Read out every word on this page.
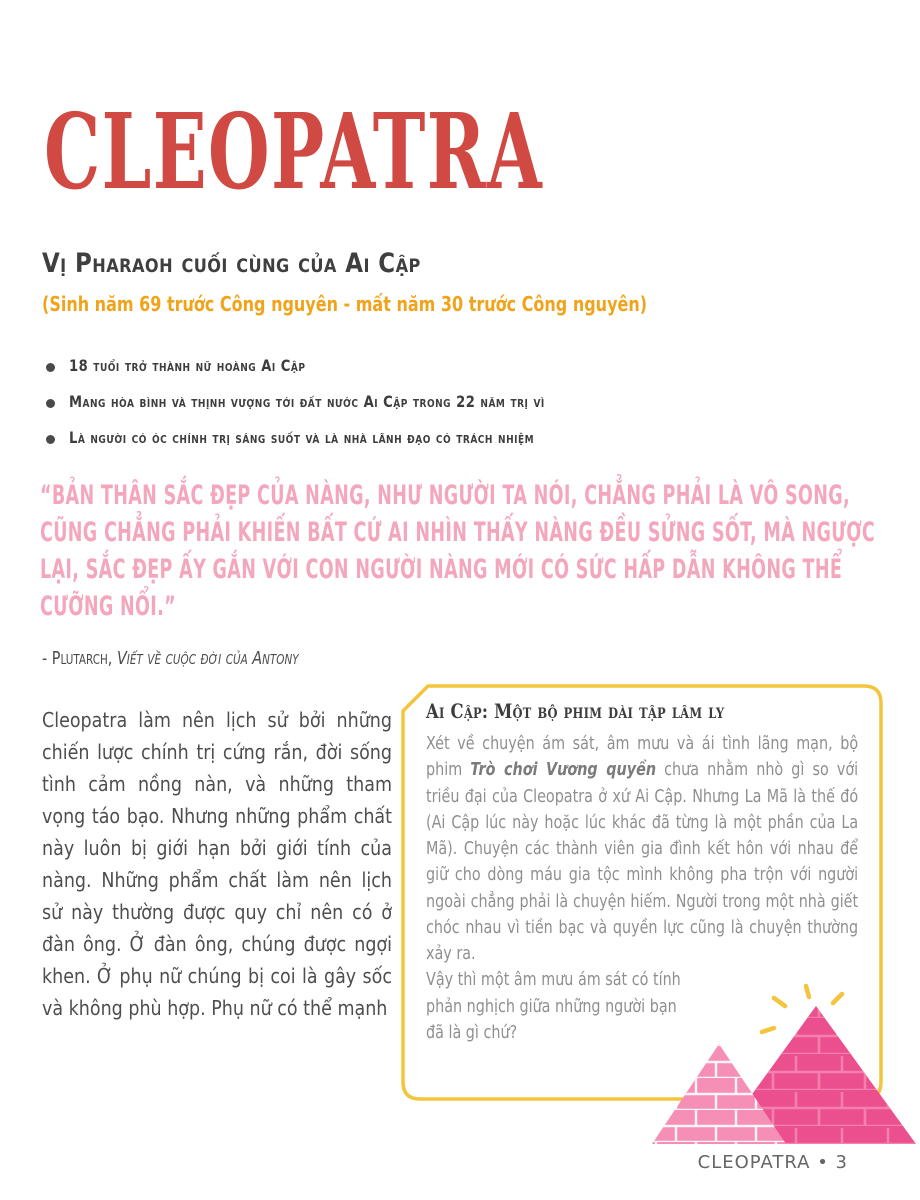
CLEOPATRA
Vị Pharaoh cuối cùng của Ai Cập
(Sinh năm 69 trước Công nguyên - mất năm 30 trước Công nguyên)
18 tuổi trở thành nữ hoàng Ai Cập
Mang hòa bình và thịnh vượng tới đất nước Ai Cập trong 22 năm trị vì
Là người có óc chính trị sáng suốt và là nhà lãnh đạo có trách nhiệm
“BẢN THÂN SẮC ĐẸP CỦA NÀNG, NHƯ NGƯỜI TA NÓI, CHẲNG PHẢI LÀ VÔ SONG, CŨNG CHẲNG PHẢI KHIẾN BẤT CỨ AI NHÌN THẤY NÀNG ĐỀU SỬNG SỐT, MÀ NGƯỢC LẠI, SẮC ĐẸP ẤY GẮN VỚI CON NGƯỜI NÀNG MỚI CÓ SỨC HẤP DẪN KHÔNG THỂ CƯỠNG NỔI.”
- Plutarch, Viết về cuộc đời của Antony
Cleopatra làm nên lịch sử bởi những chiến lược chính trị cứng rắn, đời sống tình cảm nồng nàn, và những tham vọng táo bạo. Nhưng những phẩm chất này luôn bị giới hạn bởi giới tính của nàng. Những phẩm chất làm nên lịch sử này thường được quy chỉ nên có ở đàn ông. Ở đàn ông, chúng được ngợi khen. Ở phụ nữ chúng bị coi là gây sốc và không phù hợp. Phụ nữ có thể mạnh
Ai Cập: Một bộ phim dài tập lâm ly
Xét về chuyện ám sát, âm mưu và ái tình lãng mạn, bộ phim Trò chơi Vương quyền chưa nhằm nhò gì so với triều đại của Cleopatra ở xứ Ai Cập. Nhưng La Mã là thế đó (Ai Cập lúc này hoặc lúc khác đã từng là một phần của La Mã). Chuyện các thành viên gia đình kết hôn với nhau để giữ cho dòng máu gia tộc mình không pha trộn với người ngoài chẳng phải là chuyện hiếm. Người trong một nhà giết chóc nhau vì tiền bạc và quyền lực cũng là chuyện thường xảy ra.
Vậy thì một âm mưu ám sát có tính phản nghịch giữa những người bạn đã là gì chứ?
CLEOPATRA • 3
